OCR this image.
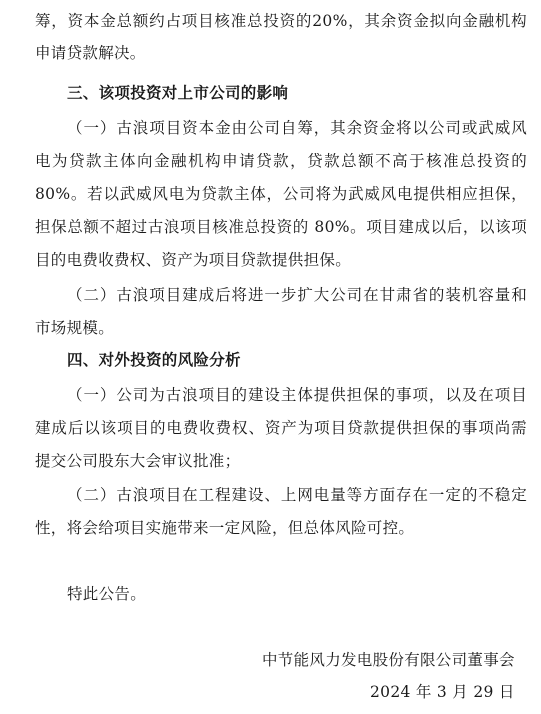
筹，资本金总额约占项目核准总投资的20%，其余资金拟向金融机构
申请贷款解决。
三、该项投资对上市公司的影响
（一）古浪项目资本金由公司自筹，其余资金将以公司或武威风
电为贷款主体向金融机构申请贷款，贷款总额不高于核准总投资的
80%。若以武威风电为贷款主体，公司将为武威风电提供相应担保，
担保总额不超过古浪项目核准总投资的 80%。项目建成以后，以该项
目的电费收费权、资产为项目贷款提供担保。
（二）古浪项目建成后将进一步扩大公司在甘肃省的装机容量和
市场规模。
四、对外投资的风险分析
（一）公司为古浪项目的建设主体提供担保的事项，以及在项目
建成后以该项目的电费收费权、资产为项目贷款提供担保的事项尚需
提交公司股东大会审议批准；
（二）古浪项目在工程建设、上网电量等方面存在一定的不稳定
性，将会给项目实施带来一定风险，但总体风险可控。
特此公告。
中节能风力发电股份有限公司董事会
2024 年 3 月 29 日
